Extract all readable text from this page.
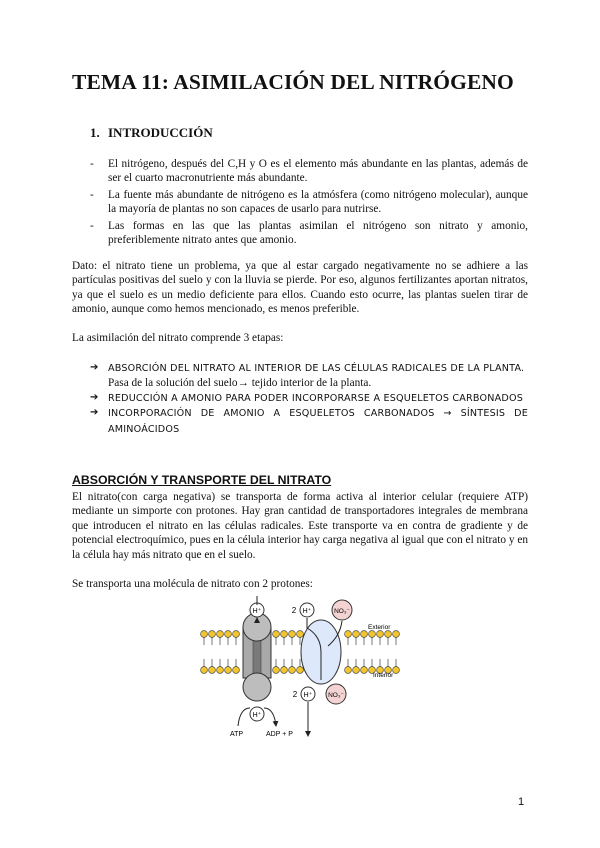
TEMA 11: ASIMILACIÓN DEL NITRÓGENO
1. INTRODUCCIÓN
- El nitrógeno, después del C,H y O es el elemento más abundante en las plantas, además de ser el cuarto macronutriente más abundante.
- La fuente más abundante de nitrógeno es la atmósfera (como nitrógeno molecular), aunque la mayoría de plantas no son capaces de usarlo para nutrirse.
- Las formas en las que las plantas asimilan el nitrógeno son nitrato y amonio, preferiblemente nitrato antes que amonio.

Dato: el nitrato tiene un problema, ya que al estar cargado negativamente no se adhiere a las partículas positivas del suelo y con la lluvia se pierde. Por eso, algunos fertilizantes aportan nitratos, ya que el suelo es un medio deficiente para ellos. Cuando esto ocurre, las plantas suelen tirar de amonio, aunque como hemos mencionado, es menos preferible.

La asimilación del nitrato comprende 3 etapas:

➔ ABSORCIÓN DEL NITRATO AL INTERIOR DE LAS CÉLULAS RADICALES DE LA PLANTA.
Pasa de la solución del suelo→ tejido interior de la planta.
➔ REDUCCIÓN A AMONIO PARA PODER INCORPORARSE A ESQUELETOS CARBONADOS
➔ INCORPORACIÓN DE AMONIO A ESQUELETOS CARBONADOS → SÍNTESIS DE AMINOÁCIDOS
ABSORCIÓN Y TRANSPORTE DEL NITRATO

El nitrato(con carga negativa) se transporta de forma activa al interior celular (requiere ATP) mediante un simporte con protones. Hay gran cantidad de transportadores integrales de membrana que introducen el nitrato en las células radicales. Este transporte va en contra de gradiente y de potencial electroquímico, pues en la célula interior hay carga negativa al igual que con el nitrato y en la célula hay más nitrato que en el suelo.

Se transporta una molécula de nitrato con 2 protones:

H⁺	2 H⁺	NO₃⁻
Exterior
Interior
2 H⁺ NO₃⁻
H⁺
ATP	ADP + P
1
